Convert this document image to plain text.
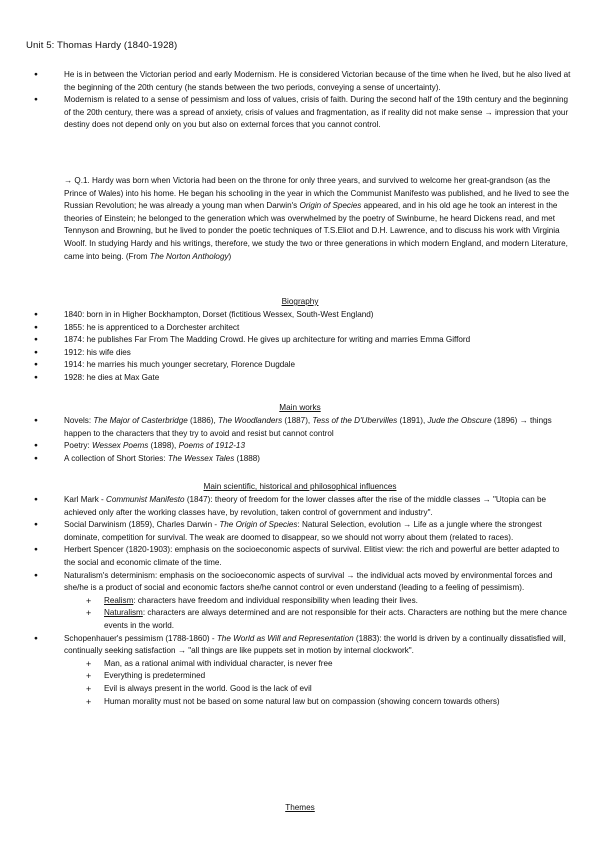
Unit 5: Thomas Hardy (1840-1928)
● He is in between the Victorian period and early Modernism. He is considered Victorian because of the time when he lived, but he also lived at the beginning of the 20th century (he stands between the two periods, conveying a sense of uncertainty).
● Modernism is related to a sense of pessimism and loss of values, crisis of faith. During the second half of the 19th century and the beginning of the 20th century, there was a spread of anxiety, crisis of values and fragmentation, as if reality did not make sense → impression that your destiny does not depend only on you but also on external forces that you cannot control.
→ Q.1. Hardy was born when Victoria had been on the throne for only three years, and survived to welcome her great-grandson (as the Prince of Wales) into his home. He began his schooling in the year in which the Communist Manifesto was published, and he lived to see the Russian Revolution; he was already a young man when Darwin's Origin of Species appeared, and in his old age he took an interest in the theories of Einstein; he belonged to the generation which was overwhelmed by the poetry of Swinburne, he heard Dickens read, and met Tennyson and Browning, but he lived to ponder the poetic techniques of T.S.Eliot and D.H. Lawrence, and to discuss his work with Virginia Woolf. In studying Hardy and his writings, therefore, we study the two or three generations in which modern England, and modern Literature, came into being. (From The Norton Anthology)
Biography
● 1840: born in in Higher Bockhampton, Dorset (fictitious Wessex, South-West England)
● 1855: he is apprenticed to a Dorchester architect
● 1874: he publishes Far From The Madding Crowd. He gives up architecture for writing and marries Emma Gifford
● 1912: his wife dies
● 1914: he marries his much younger secretary, Florence Dugdale
● 1928: he dies at Max Gate
Main works
● Novels: The Major of Casterbridge (1886), The Woodlanders (1887), Tess of the D'Ubervilles (1891), Jude the Obscure (1896) → things happen to the characters that they try to avoid and resist but cannot control
● Poetry: Wessex Poems (1898), Poems of 1912-13
● A collection of Short Stories: The Wessex Tales (1888)
Main scientific, historical and philosophical influences
● Karl Mark - Communist Manifesto (1847): theory of freedom for the lower classes after the rise of the middle classes → "Utopia can be achieved only after the working classes have, by revolution, taken control of government and industry".
● Social Darwinism (1859), Charles Darwin - The Origin of Species: Natural Selection, evolution → Life as a jungle where the strongest dominate, competition for survival. The weak are doomed to disappear, so we should not worry about them (related to races).
● Herbert Spencer (1820-1903): emphasis on the socioeconomic aspects of survival. Elitist view: the rich and powerful are better adapted to the social and economic climate of the time.
● Naturalism's determinism: emphasis on the socioeconomic aspects of survival → the individual acts moved by environmental forces and she/he is a product of social and economic factors she/he cannot control or even understand (leading to a feeling of pessimism).
+ Realism: characters have freedom and individual responsibility when leading their lives.
+ Naturalism: characters are always determined and are not responsible for their acts. Characters are nothing but the mere chance events in the world.
● Schopenhauer's pessimism (1788-1860) - The World as Will and Representation (1883): the world is driven by a continually dissatisfied will, continually seeking satisfaction → "all things are like puppets set in motion by internal clockwork".
+ Man, as a rational animal with individual character, is never free
+ Everything is predetermined
+ Evil is always present in the world. Good is the lack of evil
+ Human morality must not be based on some natural law but on compassion (showing concern towards others)
Themes
